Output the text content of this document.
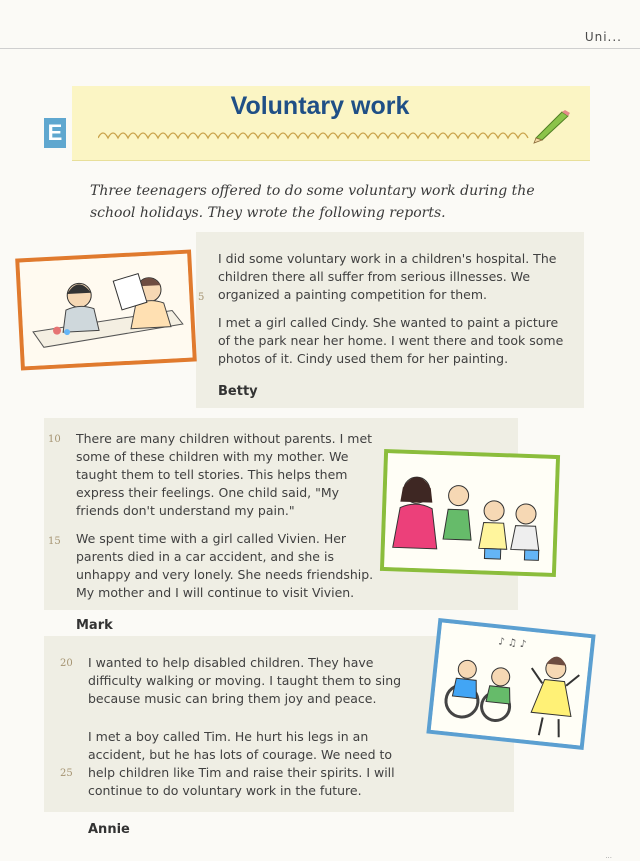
Uni...
E
Voluntary work
Three teenagers offered to do some voluntary work during the school holidays. They wrote the following reports.
I did some voluntary work in a children's hospital. The children there all suffer from serious illnesses. We organized a painting competition for them.
I met a girl called Cindy. She wanted to paint a picture of the park near her home. I went there and took some photos of it. Cindy used them for her painting.
Betty
5
There are many children without parents. I met some of these children with my mother. We taught them to tell stories. This helps them express their feelings. One child said, "My friends don't understand my pain."
We spent time with a girl called Vivien. Her parents died in a car accident, and she is unhappy and very lonely. She needs friendship. My mother and I will continue to visit Vivien.
Mark
10
15
I wanted to help disabled children. They have difficulty walking or moving. I taught them to sing because music can bring them joy and peace.
I met a boy called Tim. He hurt his legs in an accident, but he has lots of courage. We need to help children like Tim and raise their spirits. I will continue to do voluntary work in the future.
Annie
20
25
♪ ♫ ♪
...
